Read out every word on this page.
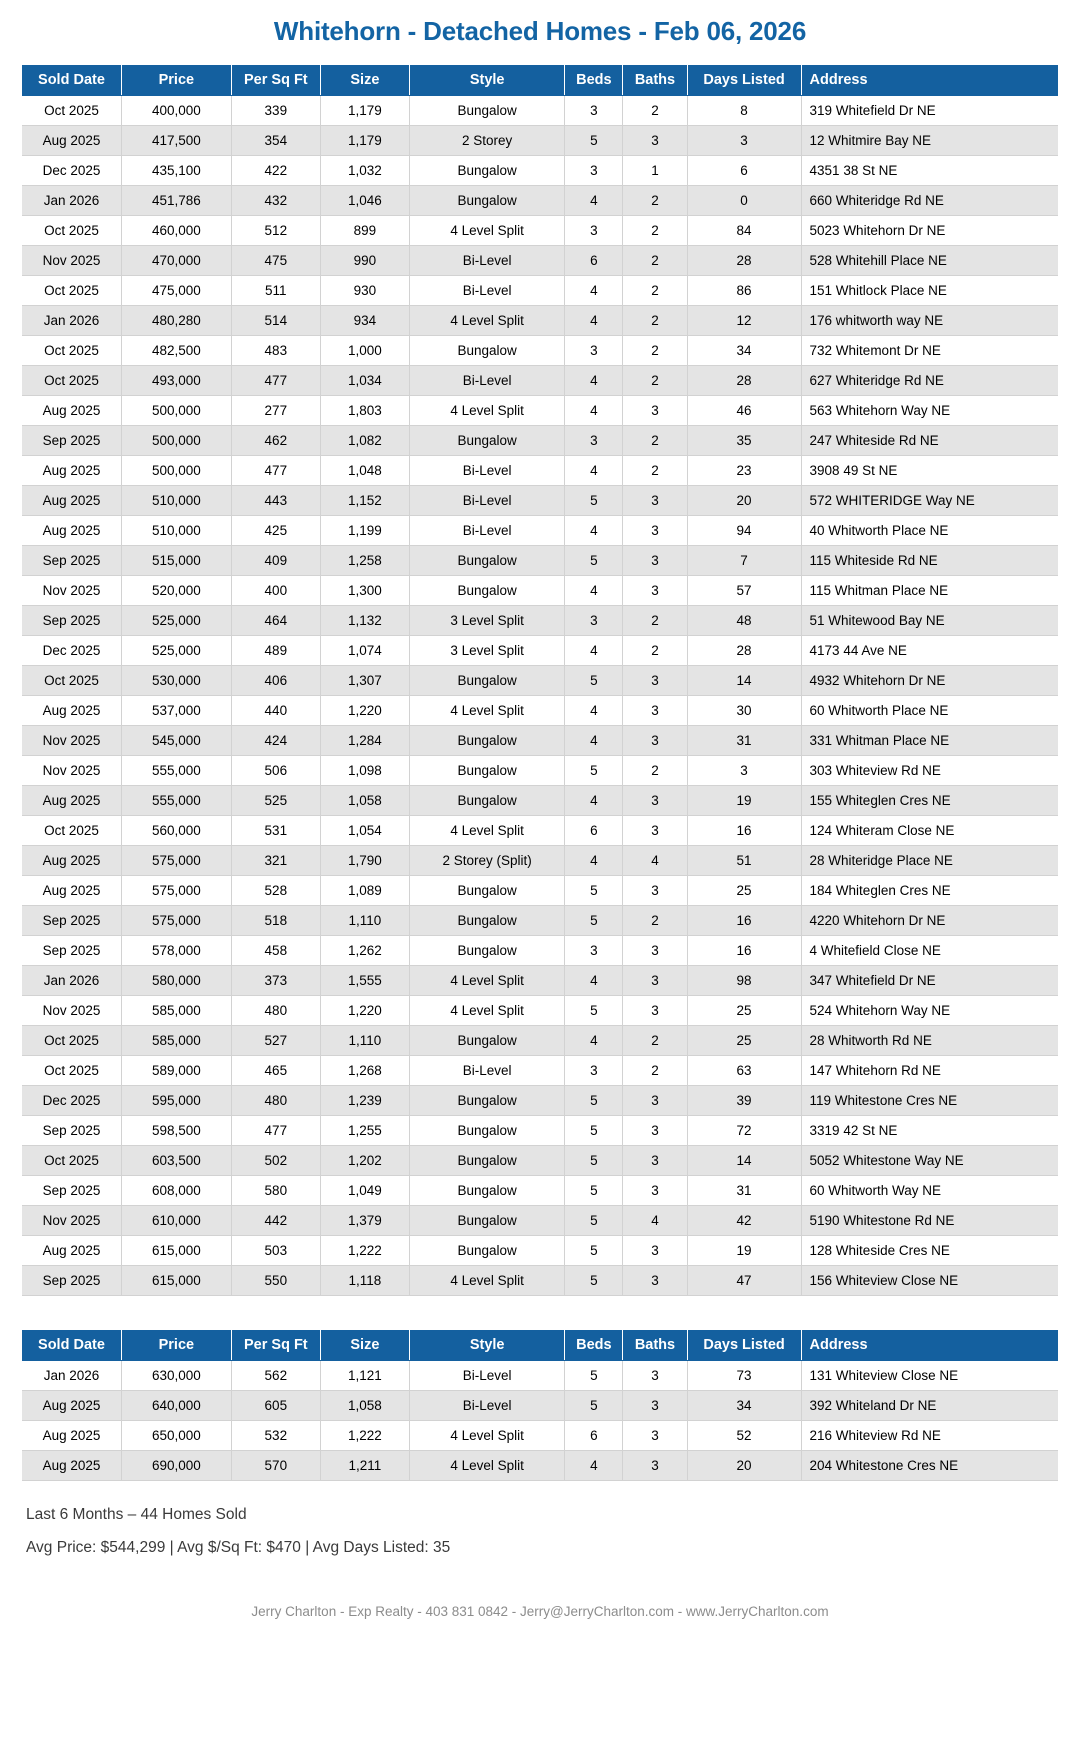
Whitehorn - Detached Homes - Feb 06, 2026
Sold Date	Price	Per Sq Ft	Size	Style	Beds	Baths	Days Listed	Address
Oct 2025	400,000	339	1,179	Bungalow	3	2	8	319 Whitefield Dr NE
Aug 2025	417,500	354	1,179	2 Storey	5	3	3	12 Whitmire Bay NE
Dec 2025	435,100	422	1,032	Bungalow	3	1	6	4351 38 St NE
Jan 2026	451,786	432	1,046	Bungalow	4	2	0	660 Whiteridge Rd NE
Oct 2025	460,000	512	899	4 Level Split	3	2	84	5023 Whitehorn Dr NE
Nov 2025	470,000	475	990	Bi-Level	6	2	28	528 Whitehill Place NE
Oct 2025	475,000	511	930	Bi-Level	4	2	86	151 Whitlock Place NE
Jan 2026	480,280	514	934	4 Level Split	4	2	12	176 whitworth way NE
Oct 2025	482,500	483	1,000	Bungalow	3	2	34	732 Whitemont Dr NE
Oct 2025	493,000	477	1,034	Bi-Level	4	2	28	627 Whiteridge Rd NE
Aug 2025	500,000	277	1,803	4 Level Split	4	3	46	563 Whitehorn Way NE
Sep 2025	500,000	462	1,082	Bungalow	3	2	35	247 Whiteside Rd NE
Aug 2025	500,000	477	1,048	Bi-Level	4	2	23	3908 49 St NE
Aug 2025	510,000	443	1,152	Bi-Level	5	3	20	572 WHITERIDGE Way NE
Aug 2025	510,000	425	1,199	Bi-Level	4	3	94	40 Whitworth Place NE
Sep 2025	515,000	409	1,258	Bungalow	5	3	7	115 Whiteside Rd NE
Nov 2025	520,000	400	1,300	Bungalow	4	3	57	115 Whitman Place NE
Sep 2025	525,000	464	1,132	3 Level Split	3	2	48	51 Whitewood Bay NE
Dec 2025	525,000	489	1,074	3 Level Split	4	2	28	4173 44 Ave NE
Oct 2025	530,000	406	1,307	Bungalow	5	3	14	4932 Whitehorn Dr NE
Aug 2025	537,000	440	1,220	4 Level Split	4	3	30	60 Whitworth Place NE
Nov 2025	545,000	424	1,284	Bungalow	4	3	31	331 Whitman Place NE
Nov 2025	555,000	506	1,098	Bungalow	5	2	3	303 Whiteview Rd NE
Aug 2025	555,000	525	1,058	Bungalow	4	3	19	155 Whiteglen Cres NE
Oct 2025	560,000	531	1,054	4 Level Split	6	3	16	124 Whiteram Close NE
Aug 2025	575,000	321	1,790	2 Storey (Split)	4	4	51	28 Whiteridge Place NE
Aug 2025	575,000	528	1,089	Bungalow	5	3	25	184 Whiteglen Cres NE
Sep 2025	575,000	518	1,110	Bungalow	5	2	16	4220 Whitehorn Dr NE
Sep 2025	578,000	458	1,262	Bungalow	3	3	16	4 Whitefield Close NE
Jan 2026	580,000	373	1,555	4 Level Split	4	3	98	347 Whitefield Dr NE
Nov 2025	585,000	480	1,220	4 Level Split	5	3	25	524 Whitehorn Way NE
Oct 2025	585,000	527	1,110	Bungalow	4	2	25	28 Whitworth Rd NE
Oct 2025	589,000	465	1,268	Bi-Level	3	2	63	147 Whitehorn Rd NE
Dec 2025	595,000	480	1,239	Bungalow	5	3	39	119 Whitestone Cres NE
Sep 2025	598,500	477	1,255	Bungalow	5	3	72	3319 42 St NE
Oct 2025	603,500	502	1,202	Bungalow	5	3	14	5052 Whitestone Way NE
Sep 2025	608,000	580	1,049	Bungalow	5	3	31	60 Whitworth Way NE
Nov 2025	610,000	442	1,379	Bungalow	5	4	42	5190 Whitestone Rd NE
Aug 2025	615,000	503	1,222	Bungalow	5	3	19	128 Whiteside Cres NE
Sep 2025	615,000	550	1,118	4 Level Split	5	3	47	156 Whiteview Close NE
Sold Date	Price	Per Sq Ft	Size	Style	Beds	Baths	Days Listed	Address
Jan 2026	630,000	562	1,121	Bi-Level	5	3	73	131 Whiteview Close NE
Aug 2025	640,000	605	1,058	Bi-Level	5	3	34	392 Whiteland Dr NE
Aug 2025	650,000	532	1,222	4 Level Split	6	3	52	216 Whiteview Rd NE
Aug 2025	690,000	570	1,211	4 Level Split	4	3	20	204 Whitestone Cres NE

Last 6 Months – 44 Homes Sold

Avg Price: $544,299 | Avg $/Sq Ft: $470 | Avg Days Listed: 35

Jerry Charlton - Exp Realty - 403 831 0842 - Jerry@JerryCharlton.com - www.JerryCharlton.com
